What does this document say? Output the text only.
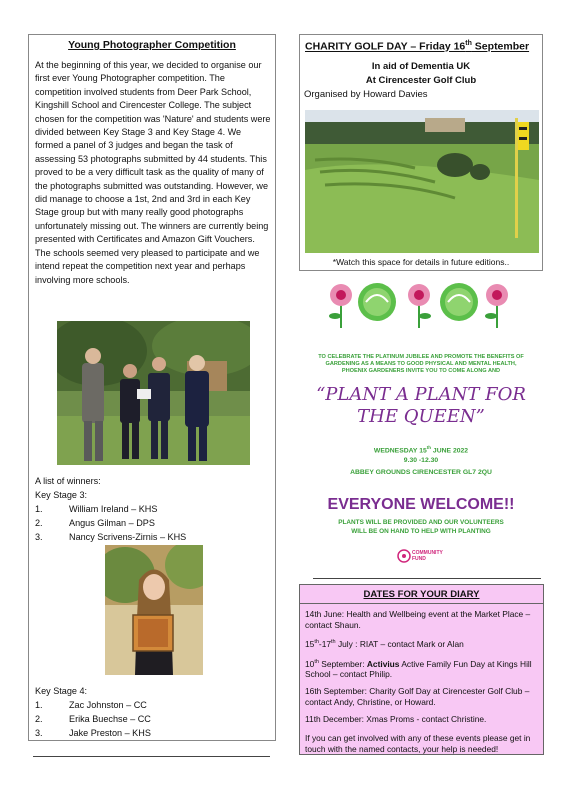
Young Photographer Competition
At the beginning of this year, we decided to organise our first ever Young Photographer competition. The competition involved students from Deer Park School, Kingshill School and Cirencester College. The subject chosen for the competition was 'Nature' and students were divided between Key Stage 3 and Key Stage 4. We formed a panel of 3 judges and began the task of assessing 53 photographs submitted by 44 students. This proved to be a very difficult task as the quality of many of the photographs submitted was outstanding. However, we did manage to choose a 1st, 2nd and 3rd in each Key Stage group but with many really good photographs unfortunately missing out. The winners are currently being presented with Certificates and Amazon Gift Vouchers. The schools seemed very pleased to participate and we intend repeat the competition next year and perhaps involving more schools.
A list of winners:
Key Stage 3:
1.	William Ireland – KHS
2.	Angus Gilman – DPS
3.	Nancy Scrivens-Zirnis – KHS
Key Stage 4:
1.	Zac Johnston – CC
2.	Erika Buechse – CC
3.	Jake Preston – KHS
CHARITY GOLF DAY – Friday 16th September
In aid of Dementia UK
At Cirencester Golf Club
Organised by Howard Davies
*Watch this space for details in future editions..
TO CELEBRATE THE PLATINUM JUBILEE AND PROMOTE THE BENEFITS OF GARDENING AS A MEANS TO GOOD PHYSICAL AND MENTAL HEALTH, PHOENIX GARDENERS INVITE YOU TO COME ALONG AND
“PLANT A PLANT FOR
THE QUEEN”
WEDNESDAY 15th JUNE 2022
9.30 -12.30
ABBEY GROUNDS CIRENCESTER GL7 2QU
EVERYONE WELCOME!!
PLANTS WILL BE PROVIDED AND OUR VOLUNTEERS
WILL BE ON HAND TO HELP WITH PLANTING
COMMUNITY
FUND
DATES FOR YOUR DIARY
14th June: Health and Wellbeing event at the Market Place – contact Shaun.
15th-17th July : RIAT – contact Mark or Alan
10th September: Activius Active Family Fun Day at Kings Hill School – contact Philip.
16th September: Charity Golf Day at Cirencester Golf Club – contact Andy, Christine, or Howard.
11th December: Xmas Proms - contact Christine.
If you can get involved with any of these events please get in touch with the named contacts, your help is needed!
